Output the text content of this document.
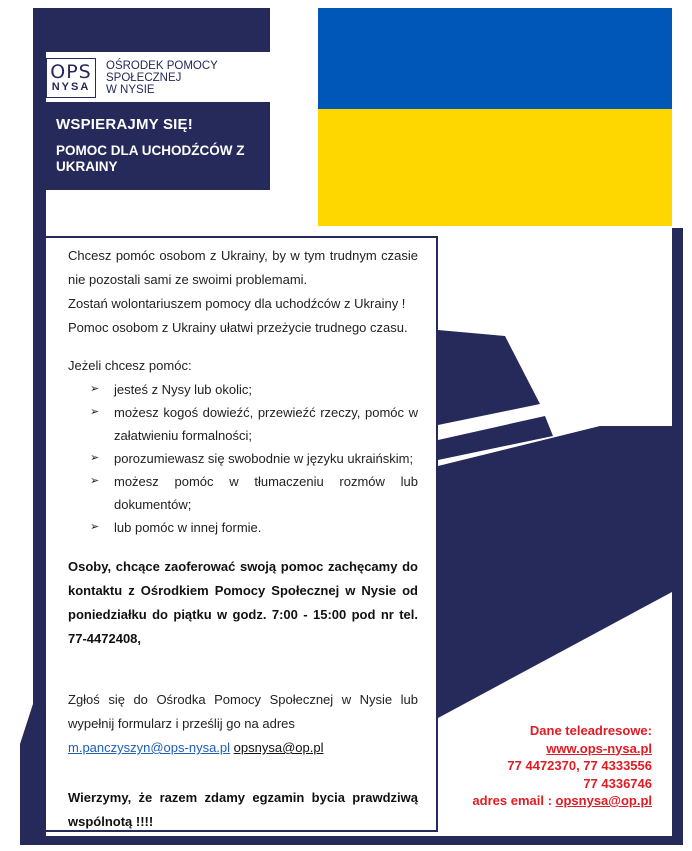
OPS
NYSA
OŚRODEK POMOCY
SPOŁECZNEJ
W NYSIE
WSPIERAJMY SIĘ!
POMOC DLA UCHODŹCÓW Z UKRAINY

Chcesz pomóc osobom z Ukrainy, by w tym trudnym czasie nie pozostali sami ze swoimi problemami.

Zostań wolontariuszem pomocy dla uchodźców z Ukrainy !

Pomoc osobom z Ukrainy ułatwi przeżycie trudnego czasu.

Jeżeli chcesz pomóc:
➢ jesteś z Nysy lub okolic;
➢ możesz kogoś dowieźć, przewieźć rzeczy, pomóc w załatwieniu formalności;
➢ porozumiewasz się swobodnie w języku ukraińskim;
➢ możesz pomóc w tłumaczeniu rozmów lub dokumentów;
➢ lub pomóc w innej formie.
Osoby, chcące zaoferować swoją pomoc zachęcamy do kontaktu z Ośrodkiem Pomocy Społecznej w Nysie od poniedziałku do piątku w godz. 7:00 - 15:00 pod nr tel. 77-4472408,
Zgłoś się do Ośrodka Pomocy Społecznej w Nysie lub wypełnij formularz i prześlij go na adres
m.panczyszyn@ops-nysa.pl opsnysa@op.pl
Wierzymy, że razem zdamy egzamin bycia prawdziwą wspólnotą !!!!
Dane teleadresowe:
www.ops-nysa.pl
77 4472370, 77 4333556
77 4336746
adres email : opsnysa@op.pl
